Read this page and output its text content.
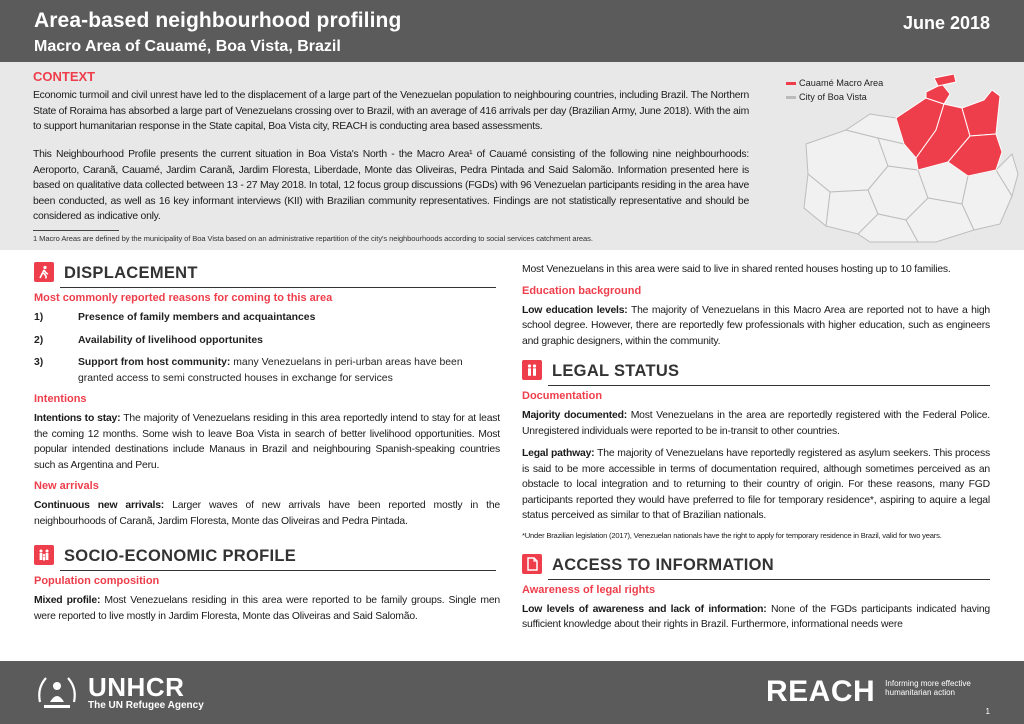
Area-based neighbourhood profiling
Macro Area of Cauamé, Boa Vista, Brazil
June 2018
CONTEXT
Economic turmoil and civil unrest have led to the displacement of a large part of the Venezuelan population to neighbouring countries, including Brazil. The Northern State of Roraima has absorbed a large part of Venezuelans crossing over to Brazil, with an average of 416 arrivals per day (Brazilian Army, June 2018). With the aim to support humanitarian response in the State capital, Boa Vista city, REACH is conducting area based assessments.
This Neighbourhood Profile presents the current situation in Boa Vista's North - the Macro Area¹ of Cauamé consisting of the following nine neighbourhoods: Aeroporto, Caranã, Cauamé, Jardim Caranã, Jardim Floresta, Liberdade, Monte das Oliveiras, Pedra Pintada and Said Salomão. Information presented here is based on qualitative data collected between 13 - 27 May 2018. In total, 12 focus group discussions (FGDs) with 96 Venezuelan participants residing in the area have been conducted, as well as 16 key informant interviews (KII) with Brazilian community representatives. Findings are not statistically representative and should be considered as indicative only.
1 Macro Areas are defined by the municipality of Boa Vista based on an administrative repartition of the city's neighbourhoods according to social services catchment areas.
Cauamé Macro Area
City of Boa Vista
DISPLACEMENT
Most commonly reported reasons for coming to this area
1)	Presence of family members and acquaintances
2)	Availability of livelihood opportunites
3)	Support from host community: many Venezuelans in peri-urban areas have been granted access to semi constructed houses in exchange for services
Intentions
Intentions to stay: The majority of Venezuelans residing in this area reportedly intend to stay for at least the coming 12 months. Some wish to leave Boa Vista in search of better livelihood opportunities. Most popular intended destinations include Manaus in Brazil and neighbouring Spanish-speaking countries such as Argentina and Peru.
New arrivals
Continuous new arrivals: Larger waves of new arrivals have been reported mostly in the neighbourhoods of Caranã, Jardim Floresta, Monte das Oliveiras and Pedra Pintada.
SOCIO-ECONOMIC PROFILE
Population composition
Mixed profile: Most Venezuelans residing in this area were reported to be family groups. Single men were reported to live mostly in Jardim Floresta, Monte das Oliveiras and Said Salomão.
Most Venezuelans in this area were said to live in shared rented houses hosting up to 10 families.
Education background
Low education levels: The majority of Venezuelans in this Macro Area are reported not to have a high school degree. However, there are reportedly few professionals with higher education, such as engineers and graphic designers, within the community.
LEGAL STATUS
Documentation
Majority documented: Most Venezuelans in the area are reportedly registered with the Federal Police. Unregistered individuals were reported to be in-transit to other countries.
Legal pathway: The majority of Venezuelans have reportedly registered as asylum seekers. This process is said to be more accessible in terms of documentation required, although sometimes perceived as an obstacle to local integration and to returning to their country of origin. For these reasons, many FGD participants reported they would have preferred to file for temporary residence*, aspiring to aquire a legal status perceived as similar to that of Brazilian nationals.
*Under Brazilian legislation (2017), Venezuelan nationals have the right to apply for temporary residence in Brazil, valid for two years.
ACCESS TO INFORMATION
Awareness of legal rights
Low levels of awareness and lack of information: None of the FGDs participants indicated having sufficient knowledge about their rights in Brazil. Furthermore, informational needs were
UNHCR
The UN Refugee Agency	REACH Informing more effective humanitarian action
1
